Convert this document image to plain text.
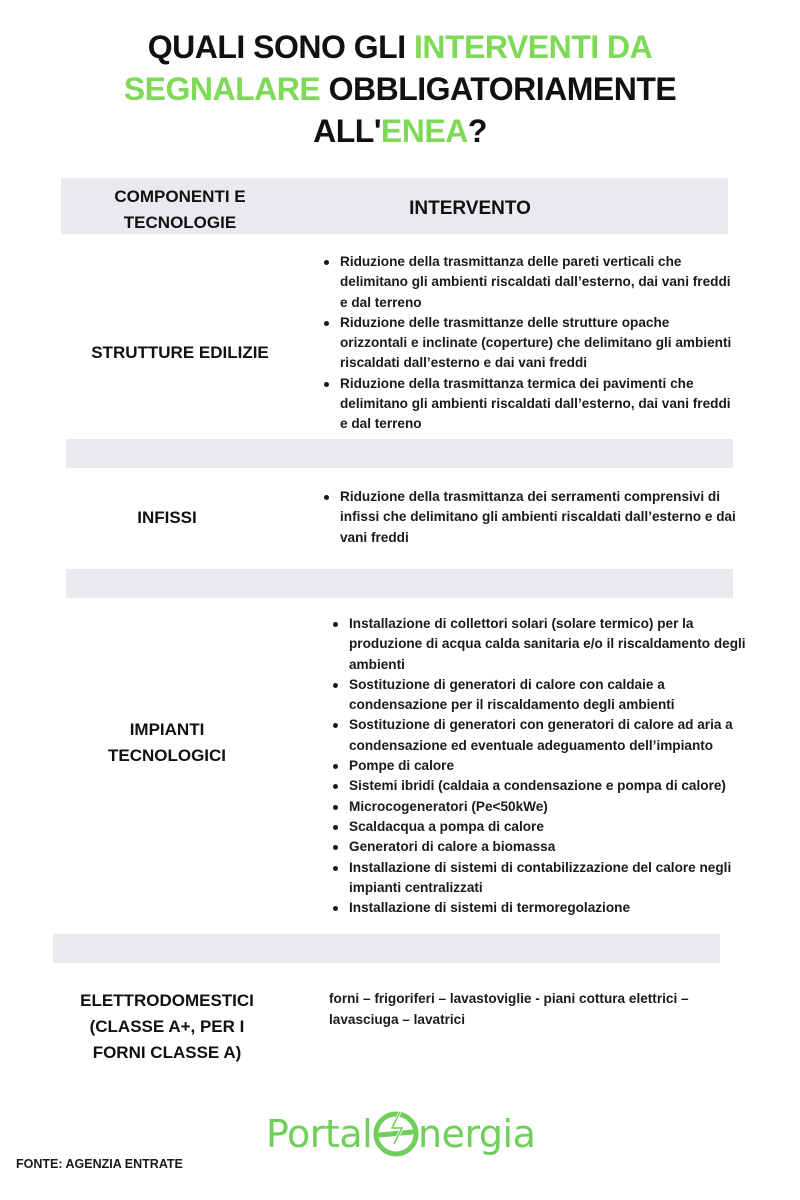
QUALI SONO GLI INTERVENTI DA
SEGNALARE OBBLIGATORIAMENTE
ALL'ENEA?
COMPONENTI E
TECNOLOGIE
INTERVENTO
STRUTTURE EDILIZIE
Riduzione della trasmittanza delle pareti verticali che delimitano gli ambienti riscaldati dall’esterno, dai vani freddi e dal terreno
Riduzione delle trasmittanze delle strutture opache orizzontali e inclinate (coperture) che delimitano gli ambienti riscaldati dall’esterno e dai vani freddi
Riduzione della trasmittanza termica dei pavimenti che delimitano gli ambienti riscaldati dall’esterno, dai vani freddi e dal terreno
INFISSI
Riduzione della trasmittanza dei serramenti comprensivi di infissi che delimitano gli ambienti riscaldati dall’esterno e dai vani freddi
IMPIANTI
TECNOLOGICI
Installazione di collettori solari (solare termico) per la produzione di acqua calda sanitaria e/o il riscaldamento degli ambienti
Sostituzione di generatori di calore con caldaie a condensazione per il riscaldamento degli ambienti
Sostituzione di generatori con generatori di calore ad aria a condensazione ed eventuale adeguamento dell’impianto
Pompe di calore
Sistemi ibridi (caldaia a condensazione e pompa di calore)
Microcogeneratori (Pe<50kWe)
Scaldacqua a pompa di calore
Generatori di calore a biomassa
Installazione di sistemi di contabilizzazione del calore negli impianti centralizzati
Installazione di sistemi di termoregolazione
ELETTRODOMESTICI
(CLASSE A+, PER I
FORNI CLASSE A)
forni – frigoriferi – lavastoviglie - piani cottura elettrici – lavasciuga – lavatrici
Portal nergia
FONTE: AGENZIA ENTRATE
